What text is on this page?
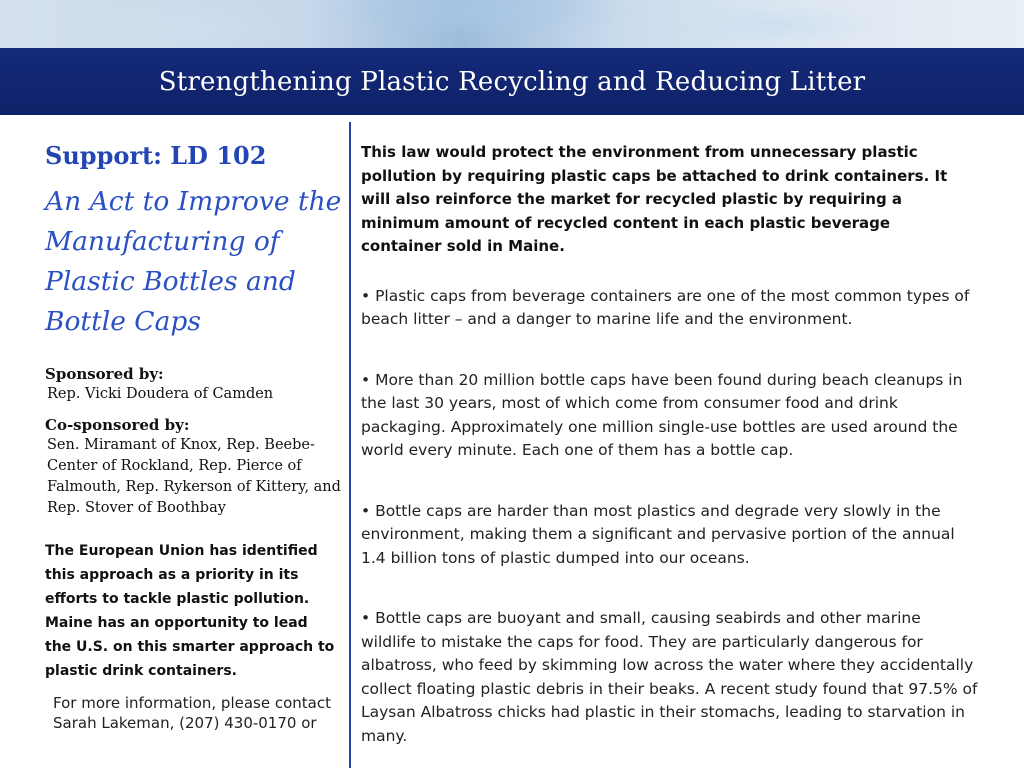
Strengthening Plastic Recycling and Reducing Litter
Support: LD 102
An Act to Improve the Manufacturing of Plastic Bottles and Bottle Caps
Sponsored by:
Rep. Vicki Doudera of Camden
Co-sponsored by:
Sen. Miramant of Knox, Rep. Beebe-Center of Rockland, Rep. Pierce of Falmouth, Rep. Rykerson of Kittery, and Rep. Stover of Boothbay

The European Union has identified this approach as a priority in its efforts to tackle plastic pollution. Maine has an opportunity to lead the U.S. on this smarter approach to plastic drink containers.

For more information, please contact Sarah Lakeman, (207) 430-0170 or

This law would protect the environment from unnecessary plastic pollution by requiring plastic caps be attached to drink containers. It will also reinforce the market for recycled plastic by requiring a minimum amount of recycled content in each plastic beverage container sold in Maine.

• Plastic caps from beverage containers are one of the most common types of beach litter – and a danger to marine life and the environment.

• More than 20 million bottle caps have been found during beach cleanups in the last 30 years, most of which come from consumer food and drink packaging. Approximately one million single-use bottles are used around the world every minute. Each one of them has a bottle cap.

• Bottle caps are harder than most plastics and degrade very slowly in the environment, making them a significant and pervasive portion of the annual 1.4 billion tons of plastic dumped into our oceans.

• Bottle caps are buoyant and small, causing seabirds and other marine wildlife to mistake the caps for food. They are particularly dangerous for albatross, who feed by skimming low across the water where they accidentally collect floating plastic debris in their beaks. A recent study found that 97.5% of Laysan Albatross chicks had plastic in their stomachs, leading to starvation in many.
